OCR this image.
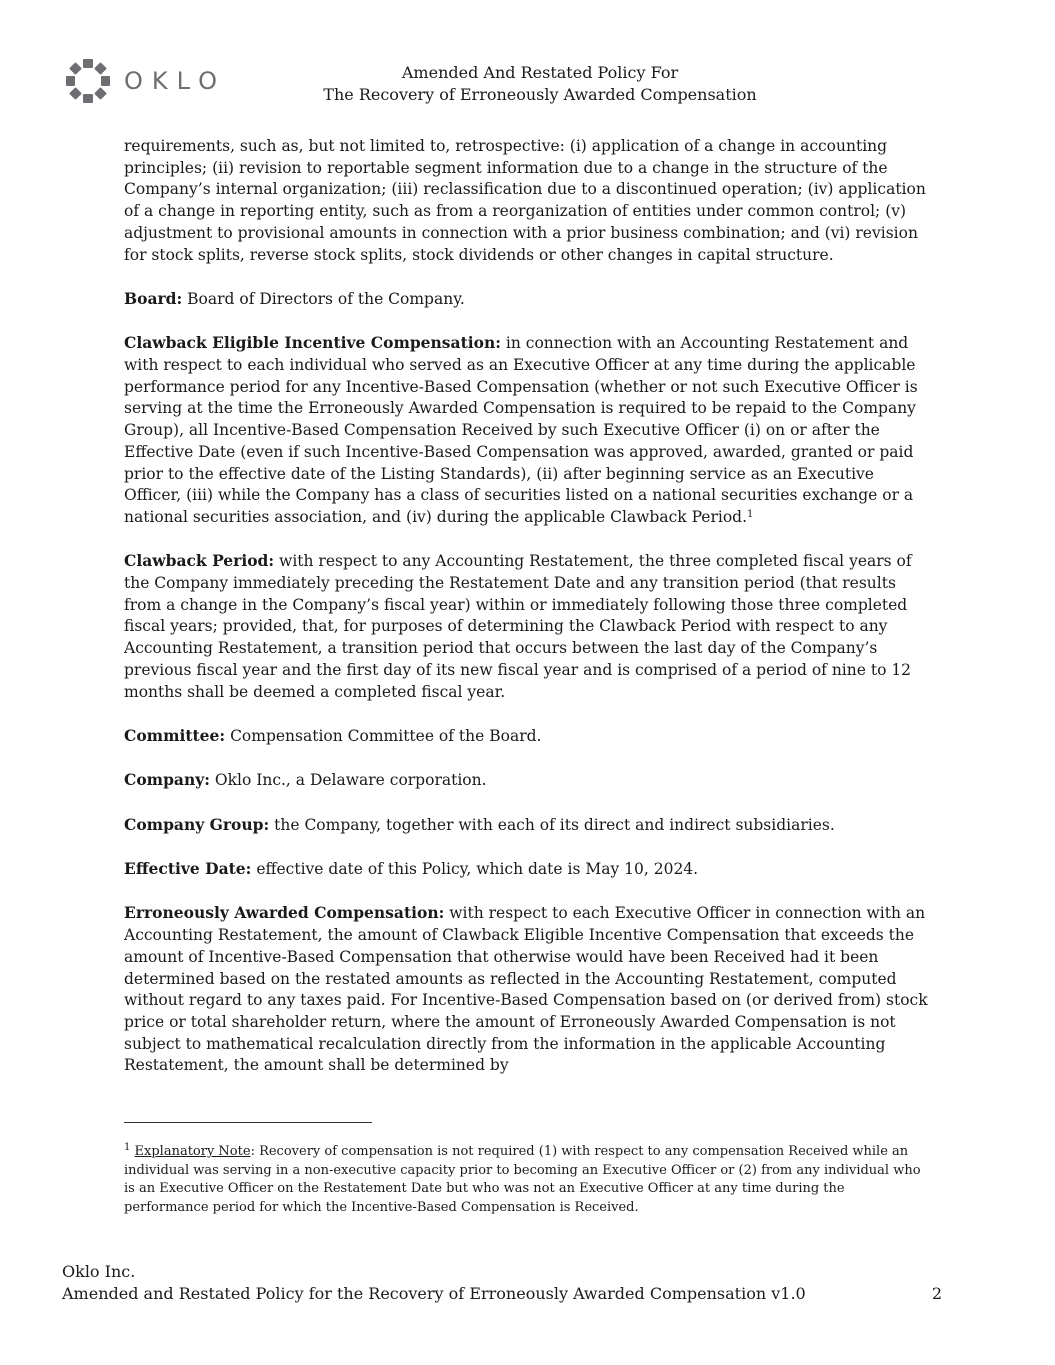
OKLO	Amended And Restated Policy For
The Recovery of Erroneously Awarded Compensation

requirements, such as, but not limited to, retrospective: (i) application of a change in accounting principles; (ii) revision to reportable segment information due to a change in the structure of the Company’s internal organization; (iii) reclassification due to a discontinued operation; (iv) application of a change in reporting entity, such as from a reorganization of entities under common control; (v) adjustment to provisional amounts in connection with a prior business combination; and (vi) revision for stock splits, reverse stock splits, stock dividends or other changes in capital structure.

Board: Board of Directors of the Company.

Clawback Eligible Incentive Compensation: in connection with an Accounting Restatement and with respect to each individual who served as an Executive Officer at any time during the applicable performance period for any Incentive-Based Compensation (whether or not such Executive Officer is serving at the time the Erroneously Awarded Compensation is required to be repaid to the Company Group), all Incentive-Based Compensation Received by such Executive Officer (i) on or after the Effective Date (even if such Incentive-Based Compensation was approved, awarded, granted or paid prior to the effective date of the Listing Standards), (ii) after beginning service as an Executive Officer, (iii) while the Company has a class of securities listed on a national securities exchange or a national securities association, and (iv) during the applicable Clawback Period.$^1$

Clawback Period: with respect to any Accounting Restatement, the three completed fiscal years of the Company immediately preceding the Restatement Date and any transition period (that results from a change in the Company’s fiscal year) within or immediately following those three completed fiscal years; provided, that, for purposes of determining the Clawback Period with respect to any Accounting Restatement, a transition period that occurs between the last day of the Company’s previous fiscal year and the first day of its new fiscal year and is comprised of a period of nine to 12 months shall be deemed a completed fiscal year.

Committee: Compensation Committee of the Board.

Company: Oklo Inc., a Delaware corporation.

Company Group: the Company, together with each of its direct and indirect subsidiaries.

Effective Date: effective date of this Policy, which date is May 10, 2024.

Erroneously Awarded Compensation: with respect to each Executive Officer in connection with an Accounting Restatement, the amount of Clawback Eligible Incentive Compensation that exceeds the amount of Incentive-Based Compensation that otherwise would have been Received had it been determined based on the restated amounts as reflected in the Accounting Restatement, computed without regard to any taxes paid. For Incentive-Based Compensation based on (or derived from) stock price or total shareholder return, where the amount of Erroneously Awarded Compensation is not subject to mathematical recalculation directly from the information in the applicable Accounting Restatement, the amount shall be determined by

$^1$ Explanatory Note: Recovery of compensation is not required (1) with respect to any compensation Received while an individual was serving in a non-executive capacity prior to becoming an Executive Officer or (2) from any individual who is an Executive Officer on the Restatement Date but who was not an Executive Officer at any time during the performance period for which the Incentive-Based Compensation is Received.
Oklo Inc.
Amended and Restated Policy for the Recovery of Erroneously Awarded Compensation v1.0	2
